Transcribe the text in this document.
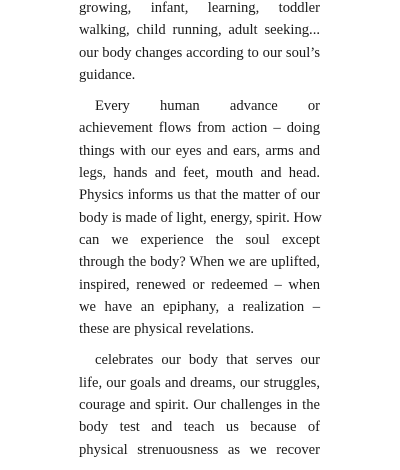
growing, infant, learning, toddler
walking, child running, adult seeking...
our body changes according to our soul’s
guidance.

Every human advance or
achievement flows from action – doing
things with our eyes and ears, arms and
legs, hands and feet, mouth and head.
Physics informs us that the matter of our
body is made of light, energy, spirit. How
can we experience the soul except
through the body? When we are uplifted,
inspired, renewed or redeemed – when
we have an epiphany, a realization –
these are physical revelations.

celebrates our body that serves our
life, our goals and dreams, our struggles,
courage and spirit. Our challenges in the
body test and teach us because of
physical strenuousness as we recover
